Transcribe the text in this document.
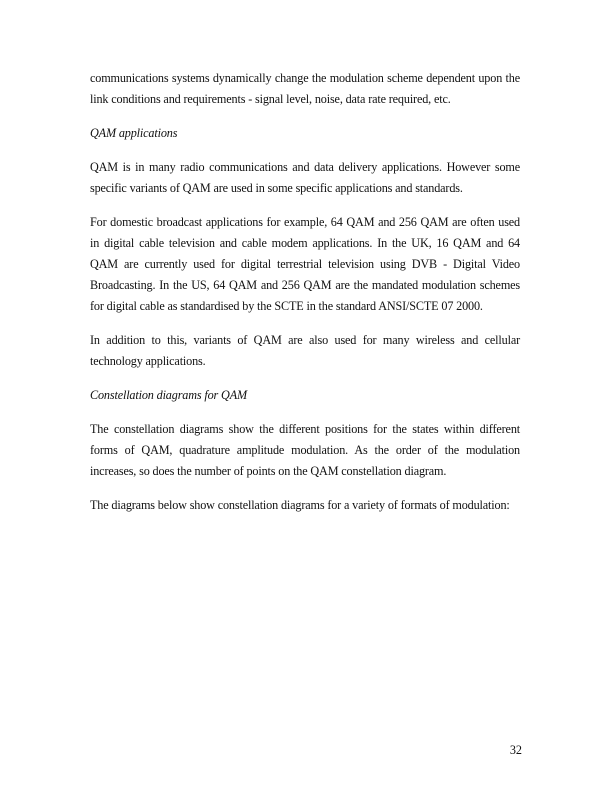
communications systems dynamically change the modulation scheme dependent upon the link conditions and requirements - signal level, noise, data rate required, etc.

QAM applications

QAM is in many radio communications and data delivery applications. However some specific variants of QAM are used in some specific applications and standards.

For domestic broadcast applications for example, 64 QAM and 256 QAM are often used in digital cable television and cable modem applications. In the UK, 16 QAM and 64 QAM are currently used for digital terrestrial television using DVB - Digital Video Broadcasting. In the US, 64 QAM and 256 QAM are the mandated modulation schemes for digital cable as standardised by the SCTE in the standard ANSI/SCTE 07 2000.

In addition to this, variants of QAM are also used for many wireless and cellular technology applications.

Constellation diagrams for QAM

The constellation diagrams show the different positions for the states within different forms of QAM, quadrature amplitude modulation. As the order of the modulation increases, so does the number of points on the QAM constellation diagram.

The diagrams below show constellation diagrams for a variety of formats of modulation:

32
